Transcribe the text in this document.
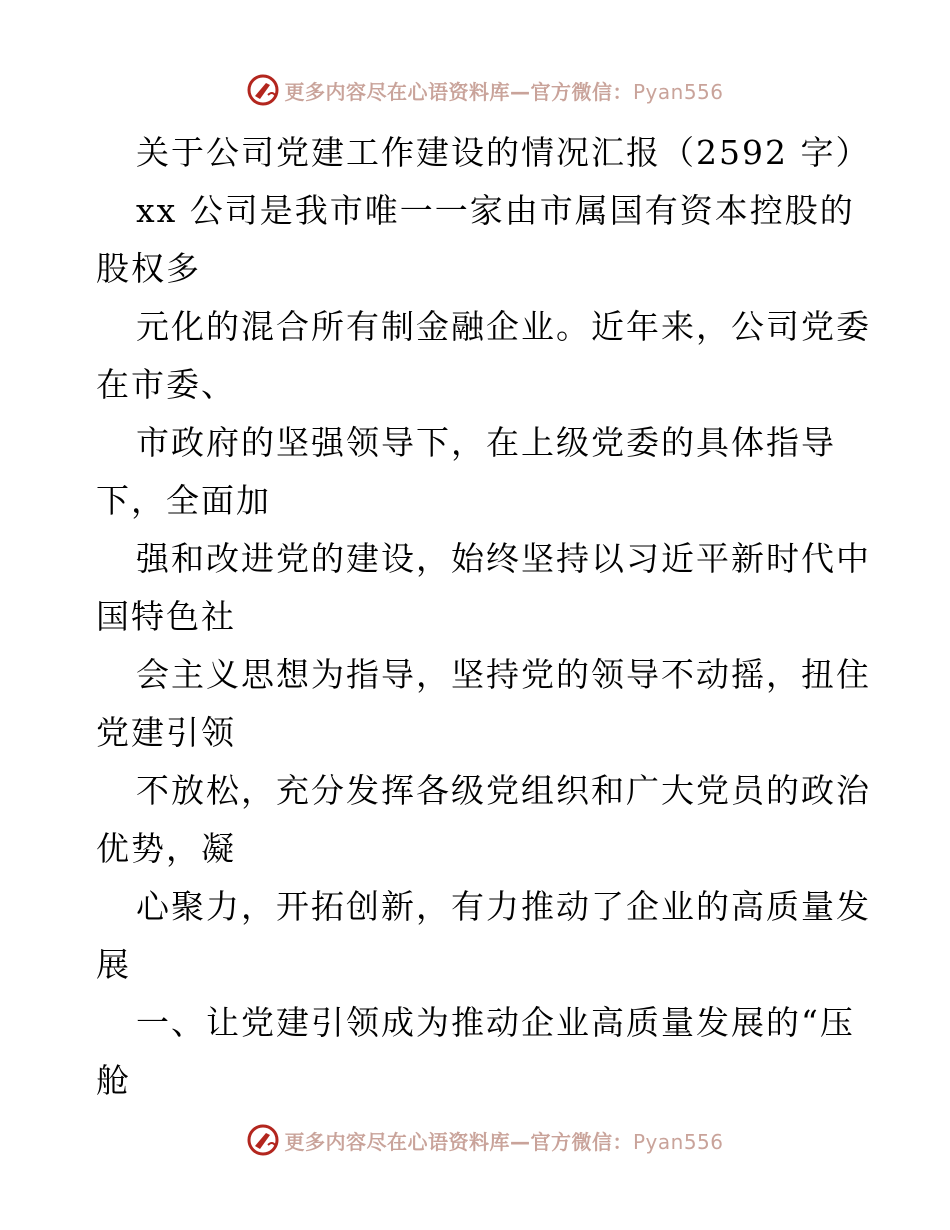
更多内容尽在心语资料库—官方微信：Pyan556
关于公司党建工作建设的情况汇报（2592 字）
xx 公司是我市唯一一家由市属国有资本控股的
股权多
元化的混合所有制金融企业。近年来，公司党委
在市委、
市政府的坚强领导下，在上级党委的具体指导
下，全面加
强和改进党的建设，始终坚持以习近平新时代中
国特色社
会主义思想为指导，坚持党的领导不动摇，扭住
党建引领
不放松，充分发挥各级党组织和广大党员的政治
优势，凝
心聚力，开拓创新，有力推动了企业的高质量发
展
一、让党建引领成为推动企业高质量发展的“压
舱
更多内容尽在心语资料库—官方微信：Pyan556
